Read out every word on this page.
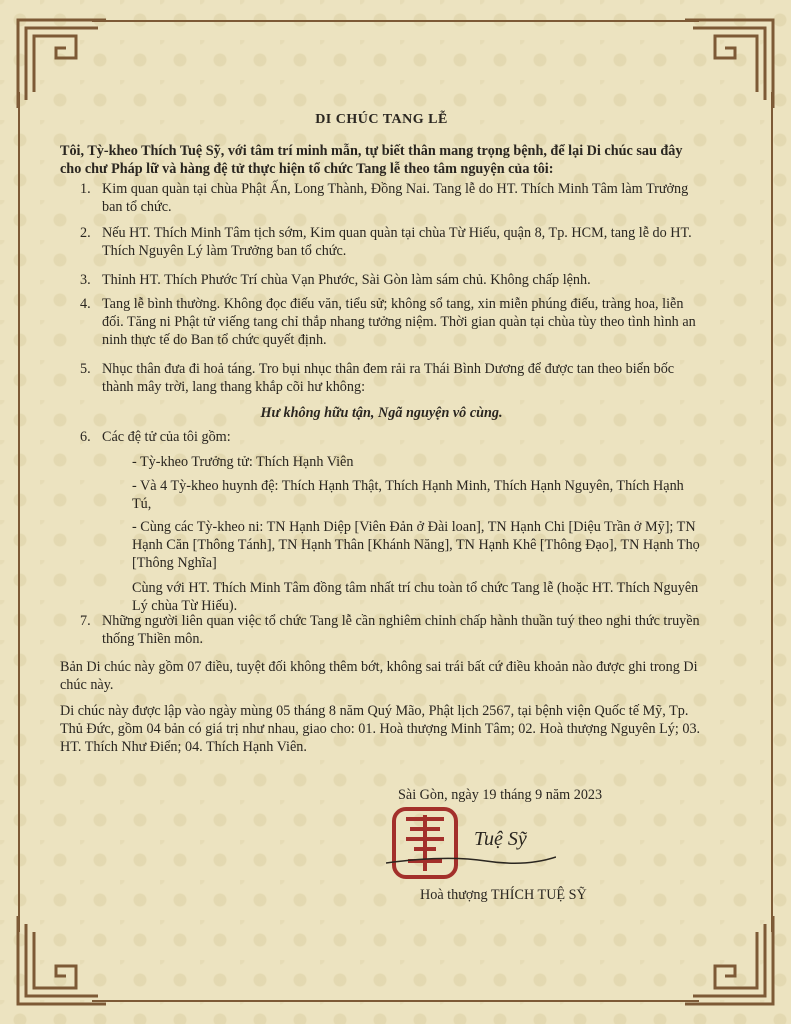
DI CHÚC TANG LỄ

Tôi, Tỳ-kheo Thích Tuệ Sỹ, với tâm trí minh mẫn, tự biết thân mang trọng bệnh, để lại Di chúc sau đây cho chư Pháp lữ và hàng đệ tử thực hiện tổ chức Tang lễ theo tâm nguyện của tôi:

1. Kim quan quàn tại chùa Phật Ấn, Long Thành, Đồng Nai. Tang lễ do HT. Thích Minh Tâm làm Trưởng ban tổ chức.
2. Nếu HT. Thích Minh Tâm tịch sớm, Kim quan quàn tại chùa Từ Hiếu, quận 8, Tp. HCM, tang lễ do HT. Thích Nguyên Lý làm Trưởng ban tổ chức.
3. Thỉnh HT. Thích Phước Trí chùa Vạn Phước, Sài Gòn làm sám chủ. Không chấp lệnh.
4. Tang lễ bình thường. Không đọc điếu văn, tiểu sử; không sổ tang, xin miễn phúng điếu, tràng hoa, liễn đối. Tăng ni Phật tử viếng tang chỉ thắp nhang tưởng niệm. Thời gian quàn tại chùa tùy theo tình hình an ninh thực tế do Ban tổ chức quyết định.
5. Nhục thân đưa đi hoả táng. Tro bụi nhục thân đem rải ra Thái Bình Dương để được tan theo biển bốc thành mây trời, lang thang khắp cõi hư không:
Hư không hữu tận, Ngã nguyện vô cùng.
6. Các đệ tử của tôi gồm:
- Tỳ-kheo Trưởng tử: Thích Hạnh Viên
- Và 4 Tỳ-kheo huynh đệ: Thích Hạnh Thật, Thích Hạnh Minh, Thích Hạnh Nguyên, Thích Hạnh Tú,
- Cùng các Tỳ-kheo ni: TN Hạnh Diệp [Viên Đản ở Đài loan], TN Hạnh Chi [Diệu Trần ở Mỹ]; TN Hạnh Căn [Thông Tánh], TN Hạnh Thân [Khánh Năng], TN Hạnh Khê [Thông Đạo], TN Hạnh Thọ [Thông Nghĩa]
Cùng với HT. Thích Minh Tâm đồng tâm nhất trí chu toàn tổ chức Tang lễ (hoặc HT. Thích Nguyên Lý chùa Từ Hiếu).
7. Những người liên quan việc tổ chức Tang lễ cần nghiêm chỉnh chấp hành thuần tuý theo nghi thức truyền thống Thiền môn.

Bản Di chúc này gồm 07 điều, tuyệt đối không thêm bớt, không sai trái bất cứ điều khoản nào được ghi trong Di chúc này.

Di chúc này được lập vào ngày mùng 05 tháng 8 năm Quý Mão, Phật lịch 2567, tại bệnh viện Quốc tế Mỹ, Tp. Thủ Đức, gồm 04 bản có giá trị như nhau, giao cho: 01. Hoà thượng Minh Tâm; 02. Hoà thượng Nguyên Lý; 03. HT. Thích Như Điển; 04. Thích Hạnh Viên.

Sài Gòn, ngày 19 tháng 9 năm 2023
Tuệ Sỹ
Hoà thượng THÍCH TUỆ SỸ
